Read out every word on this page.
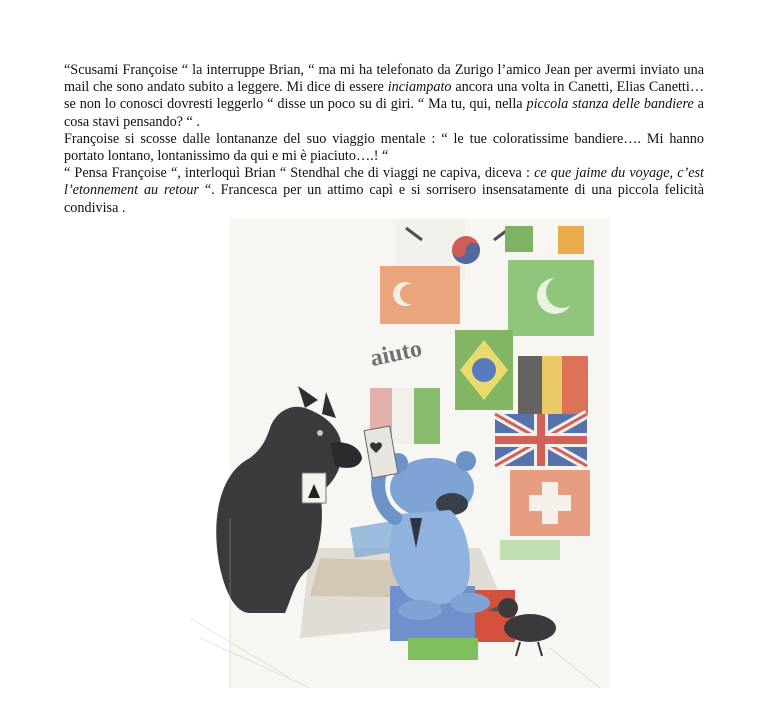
“Scusami Françoise “ la interruppe Brian, “ ma mi ha telefonato da Zurigo l’amico Jean per avermi inviato una mail che sono andato subito a leggere. Mi dice di essere inciampato ancora una volta in Canetti, Elias Canetti… se non lo conosci dovresti leggerlo “ disse un poco su di giri. “ Ma tu, qui, nella piccola stanza delle bandiere a cosa stavi pensando? “ .

Françoise si scosse dalle lontananze del suo viaggio mentale : “ le tue coloratissime bandiere…. Mi hanno portato lontano, lontanissimo da qui e mi è piaciuto….! “

“ Pensa Françoise “, interloquì Brian “ Stendhal che di viaggi ne capiva, diceva : ce que jaime du voyage, c’est l’etonnement au retour “. Francesca per un attimo capì e si sorrisero insensatamente di una piccola felicità condivisa .

aiuto
